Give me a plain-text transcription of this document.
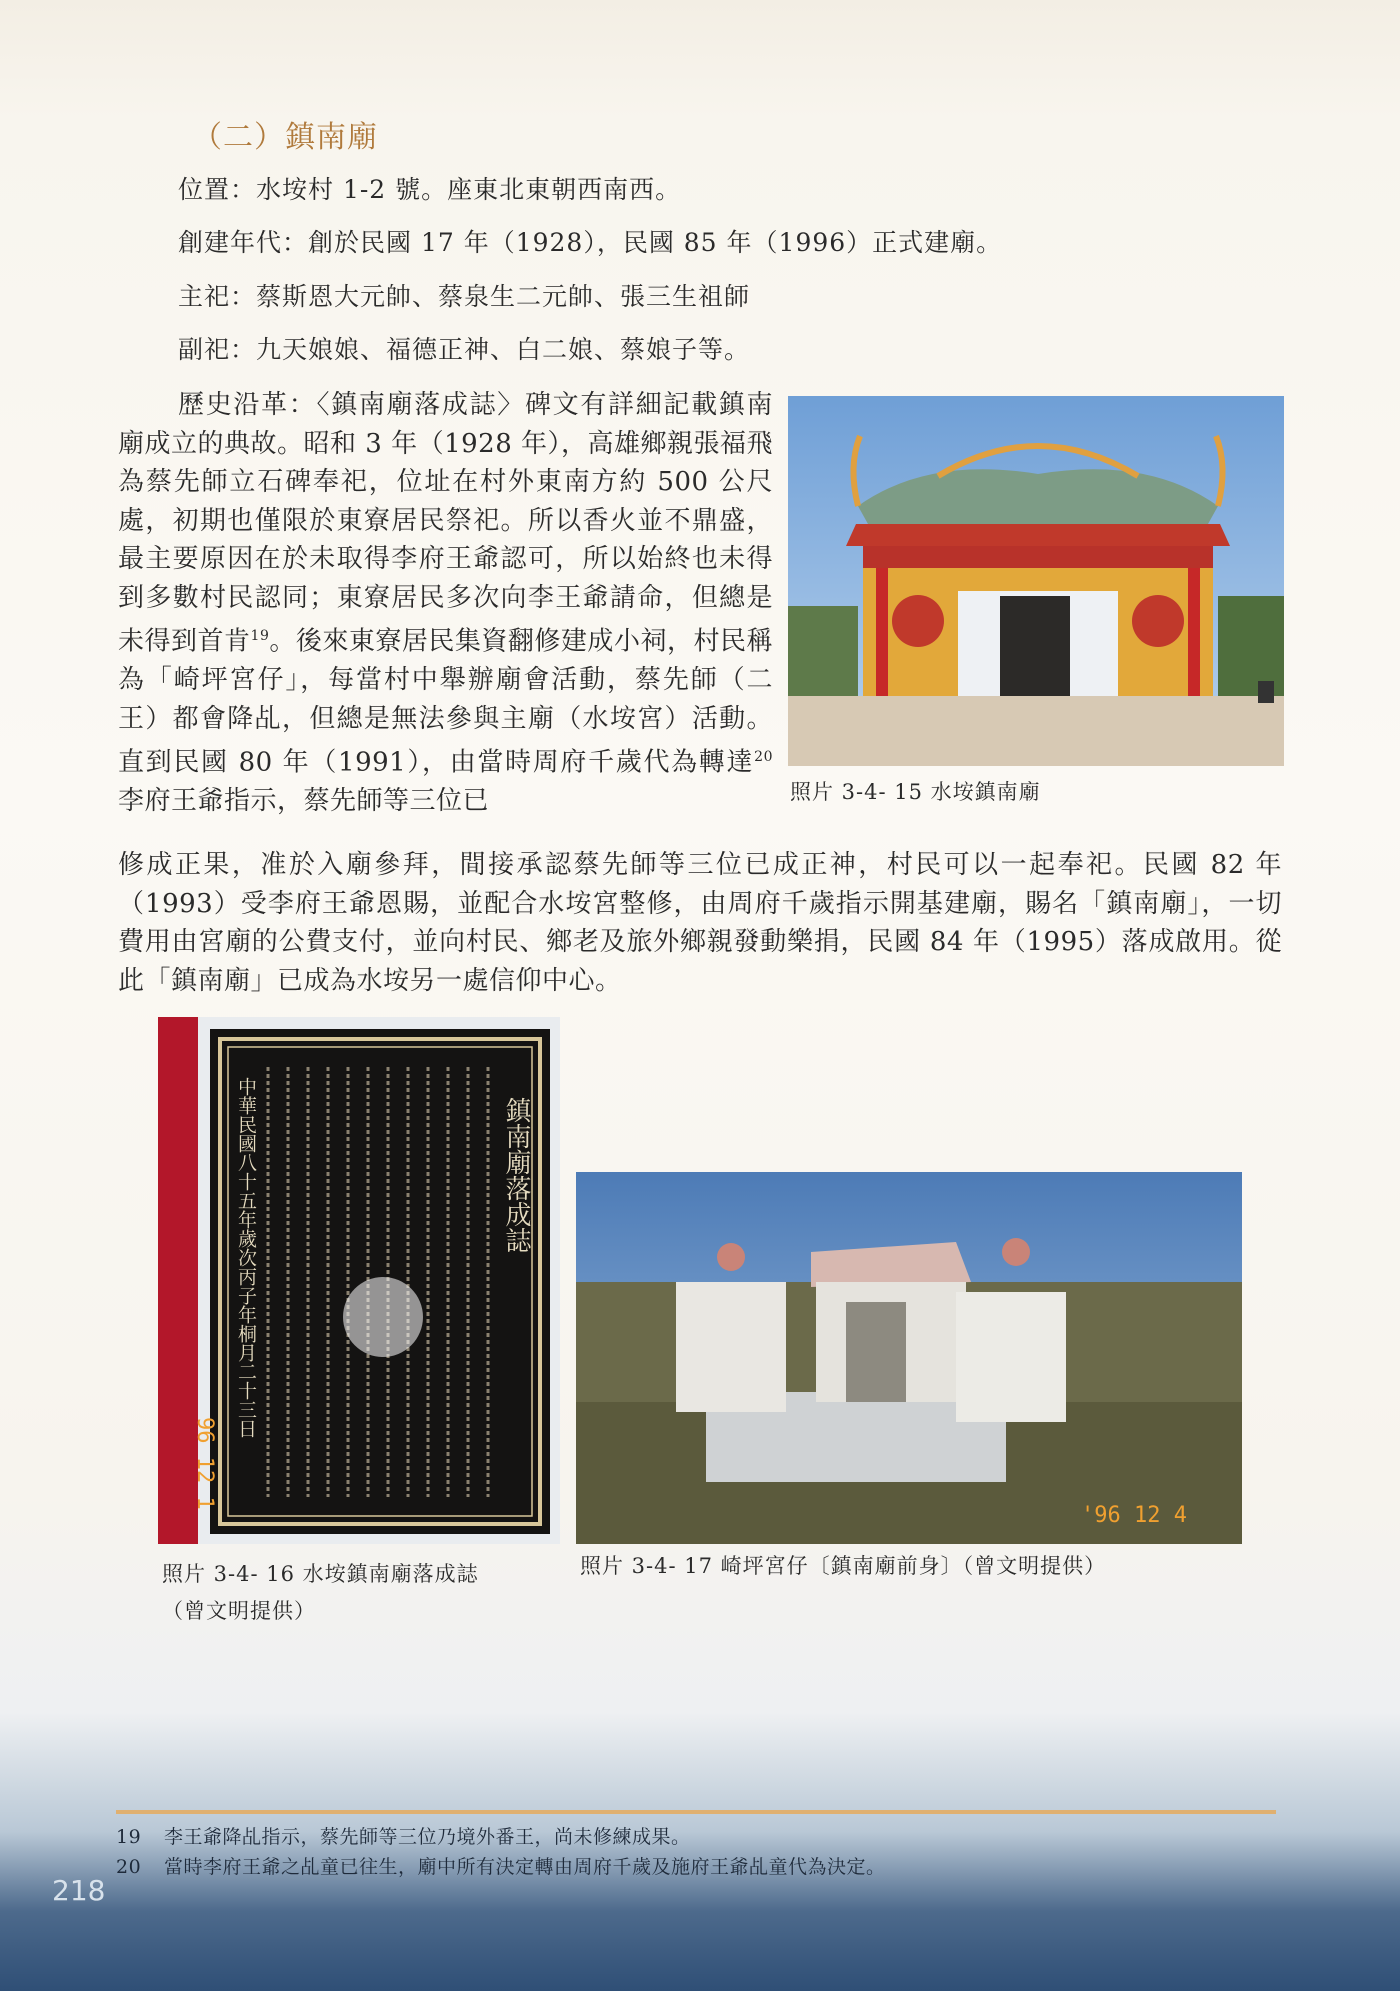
（二）鎮南廟
位置：水垵村 1-2 號。座東北東朝西南西。
創建年代：創於民國 17 年（1928），民國 85 年（1996）正式建廟。
主祀：蔡斯恩大元帥、蔡泉生二元帥、張三生祖師
副祀：九天娘娘、福德正神、白二娘、蔡娘子等。
歷史沿革：〈鎮南廟落成誌〉碑文有詳細記載鎮南廟成立的典故。昭和 3 年（1928 年），高雄鄉親張福飛為蔡先師立石碑奉祀，位址在村外東南方約 500 公尺處，初期也僅限於東寮居民祭祀。所以香火並不鼎盛，最主要原因在於未取得李府王爺認可，所以始終也未得到多數村民認同；東寮居民多次向李王爺請命，但總是未得到首肯$^{19}$。後來東寮居民集資翻修建成小祠，村民稱為「崎坪宮仔」，每當村中舉辦廟會活動，蔡先師（二王）都會降乩，但總是無法參與主廟（水垵宮）活動。直到民國 80 年（1991），由當時周府千歲代為轉達$^{20}$李府王爺指示，蔡先師等三位已
修成正果，准於入廟參拜，間接承認蔡先師等三位已成正神，村民可以一起奉祀。民國 82 年（1993）受李府王爺恩賜，並配合水垵宮整修，由周府千歲指示開基建廟，賜名「鎮南廟」，一切費用由宮廟的公費支付，並向村民、鄉老及旅外鄉親發動樂捐，民國 84 年（1995）落成啟用。從此「鎮南廟」已成為水垵另一處信仰中心。
照片 3-4- 15 水垵鎮南廟
鎮南廟落成誌
中華民國八十五年歲次丙子年桐月二十三日
96 12 1
照片 3-4- 16 水垵鎮南廟落成誌
（曾文明提供）
'96 12 4
照片 3-4- 17 崎坪宮仔〔鎮南廟前身〕（曾文明提供）
19 李王爺降乩指示，蔡先師等三位乃境外番王，尚未修練成果。
20 當時李府王爺之乩童已往生，廟中所有決定轉由周府千歲及施府王爺乩童代為決定。
218
